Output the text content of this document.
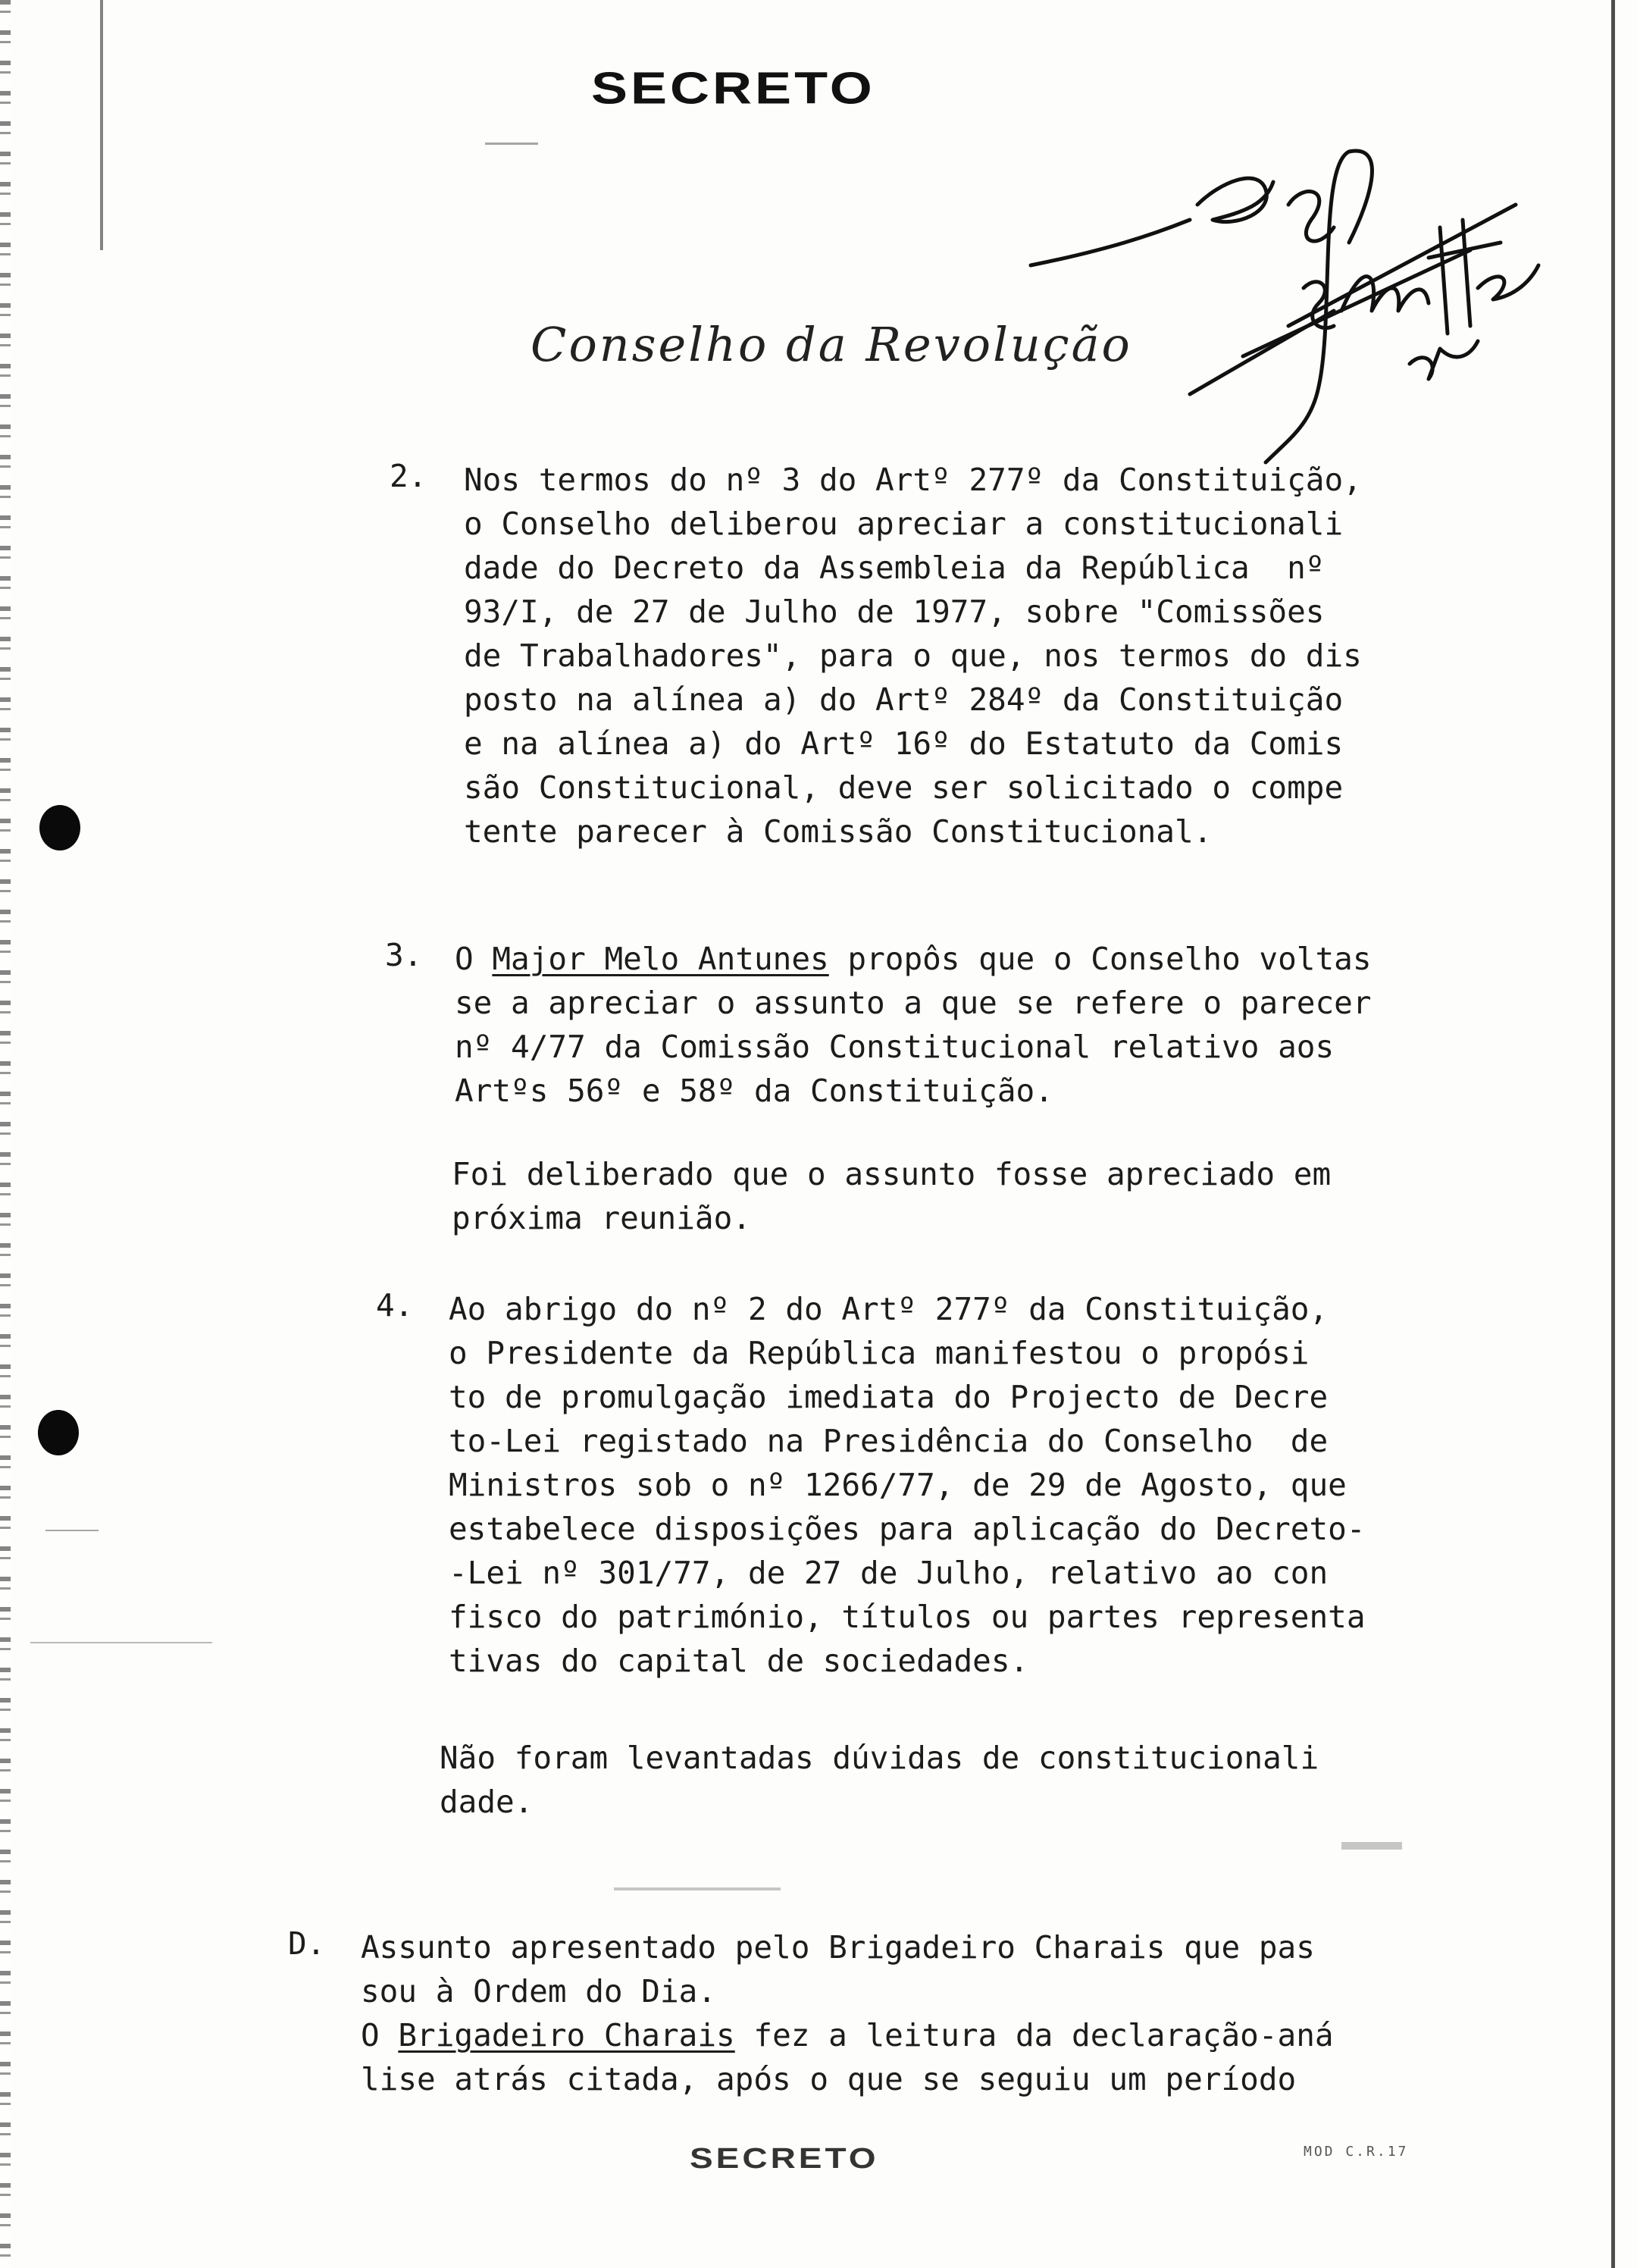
SECRETO
Conselho da Revolução
2. Nos termos do nº 3 do Artº 277º da Constituição,
o Conselho deliberou apreciar a constitucionali
dade do Decreto da Assembleia da República  nº
93/I, de 27 de Julho de 1977, sobre "Comissões
de Trabalhadores", para o que, nos termos do dis
posto na alínea a) do Artº 284º da Constituição
e na alínea a) do Artº 16º do Estatuto da Comis
são Constitucional, deve ser solicitado o compe
tente parecer à Comissão Constitucional.
3. O Major Melo Antunes propôs que o Conselho voltas
se a apreciar o assunto a que se refere o parecer
nº 4/77 da Comissão Constitucional relativo aos
Artºs 56º e 58º da Constituição.
Foi deliberado que o assunto fosse apreciado em
próxima reunião.
4. Ao abrigo do nº 2 do Artº 277º da Constituição,
o Presidente da República manifestou o propósi
to de promulgação imediata do Projecto de Decre
to-Lei registado na Presidência do Conselho  de
Ministros sob o nº 1266/77, de 29 de Agosto, que
estabelece disposições para aplicação do Decreto-
-Lei nº 301/77, de 27 de Julho, relativo ao con
fisco do património, títulos ou partes representa
tivas do capital de sociedades.
Não foram levantadas dúvidas de constitucionali
dade.
D. Assunto apresentado pelo Brigadeiro Charais que pas
sou à Ordem do Dia.
O Brigadeiro Charais fez a leitura da declaração-aná
lise atrás citada, após o que se seguiu um período
SECRETO	MOD C.R.17
